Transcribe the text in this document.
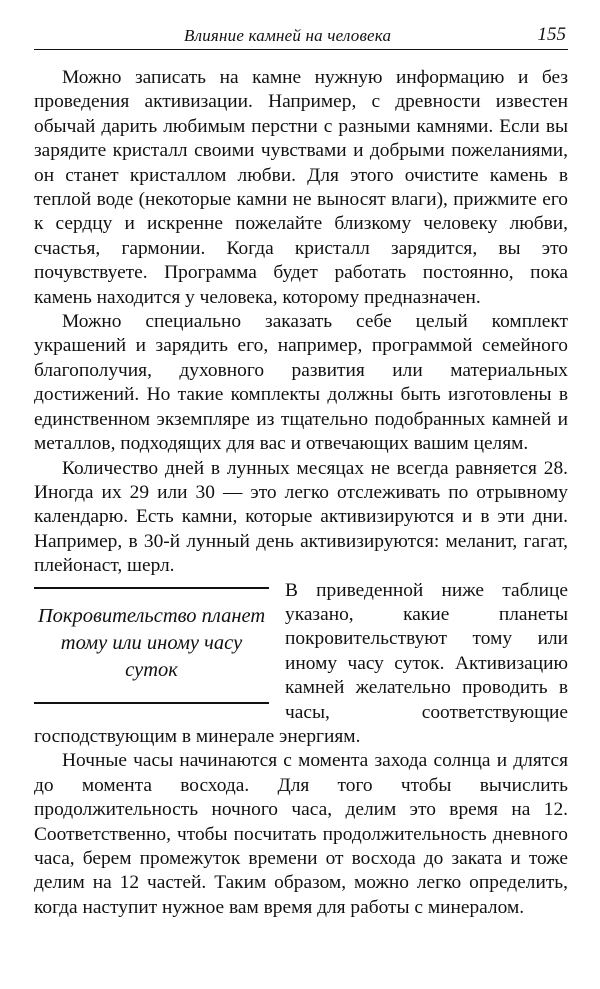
Влияние камней на человека	155

Можно записать на камне нужную информацию и без проведения активизации. Например, с древности известен обычай дарить любимым перстни с разными камнями. Если вы зарядите кристалл своими чувствами и добрыми пожеланиями, он станет кристаллом любви. Для этого очистите камень в теплой воде (некоторые камни не выносят влаги), прижмите его к сердцу и искренне пожелайте близкому человеку любви, счастья, гармонии. Когда кристалл зарядится, вы это почувствуете. Программа будет работать постоянно, пока камень находится у человека, которому предназначен.

Можно специально заказать себе целый комплект украшений и зарядить его, например, программой семейного благополучия, духовного развития или материальных достижений. Но такие комплекты должны быть изготовлены в единственном экземпляре из тщательно подобранных камней и металлов, подходящих для вас и отвечающих вашим целям.

Количество дней в лунных месяцах не всегда равняется 28. Иногда их 29 или 30 — это легко отслеживать по отрывному календарю. Есть камни, которые активизируются и в эти дни. Например, в 30-й лунный день активизируются: меланит, гагат, плейонаст, шерл.

Покровительство планет тому или иному часу суток

В приведенной ниже таблице указано, какие планеты покровительствуют тому или иному часу суток. Активизацию камней желательно проводить в часы, соответствующие господствующим в минерале энергиям.

Ночные часы начинаются с момента захода солнца и длятся до момента восхода. Для того чтобы вычислить продолжительность ночного часа, делим это время на 12. Соответственно, чтобы посчитать продолжительность дневного часа, берем промежуток времени от восхода до заката и тоже делим на 12 частей. Таким образом, можно легко определить, когда наступит нужное вам время для работы с минералом.
